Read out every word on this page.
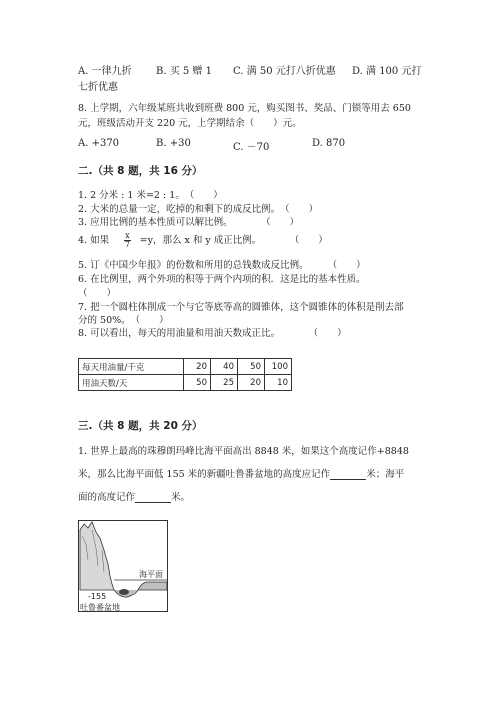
A. 一律九折 B. 买 5 赠 1 C. 满 50 元打八折优惠 D. 满 100 元打
七折优惠
8. 上学期，六年级某班共收到班费 800 元，购买图书、奖品、门锁等用去 650
元，班级活动开支 220 元，上学期结余（　　）元。
A. +370	B. +30	C. －70	D. 870
二.（共 8 题，共 16 分）
1. 2 分米 : 1 米=2 : 1。　（　　）
2. 大米的总量一定，吃掉的和剩下的成反比例。　（　　）
3. 应用比例的基本性质可以解比例。　　　　（　　）
4. 如果 $\frac{x}{7} =y$，那么 x 和 y 成正比例。　　　　（　　）
5. 订《中国少年报》的份数和所用的总钱数成反比例。　　　（　　）
6. 在比例里，两个外项的积等于两个内项的积．这是比的基本性质。
（　　）
7. 把一个圆柱体削成一个与它等底等高的圆锥体，这个圆锥体的体积是削去部
分的 50%。　（　　）
8. 可以看出，每天的用油量和用油天数成正比。　　　　（　　）
每天用油量/千克	20	40	50	100
用油天数/天	50	25	20	10
三.（共 8 题，共 20 分）
1. 世界上最高的珠穆朗玛峰比海平面高出 8848 米，如果这个高度记作+8848
米，那么比海平面低 155 米的新疆吐鲁番盆地的高度应记作	米；海平
面的高度记作	米。
海平面
-155
吐鲁番盆地
